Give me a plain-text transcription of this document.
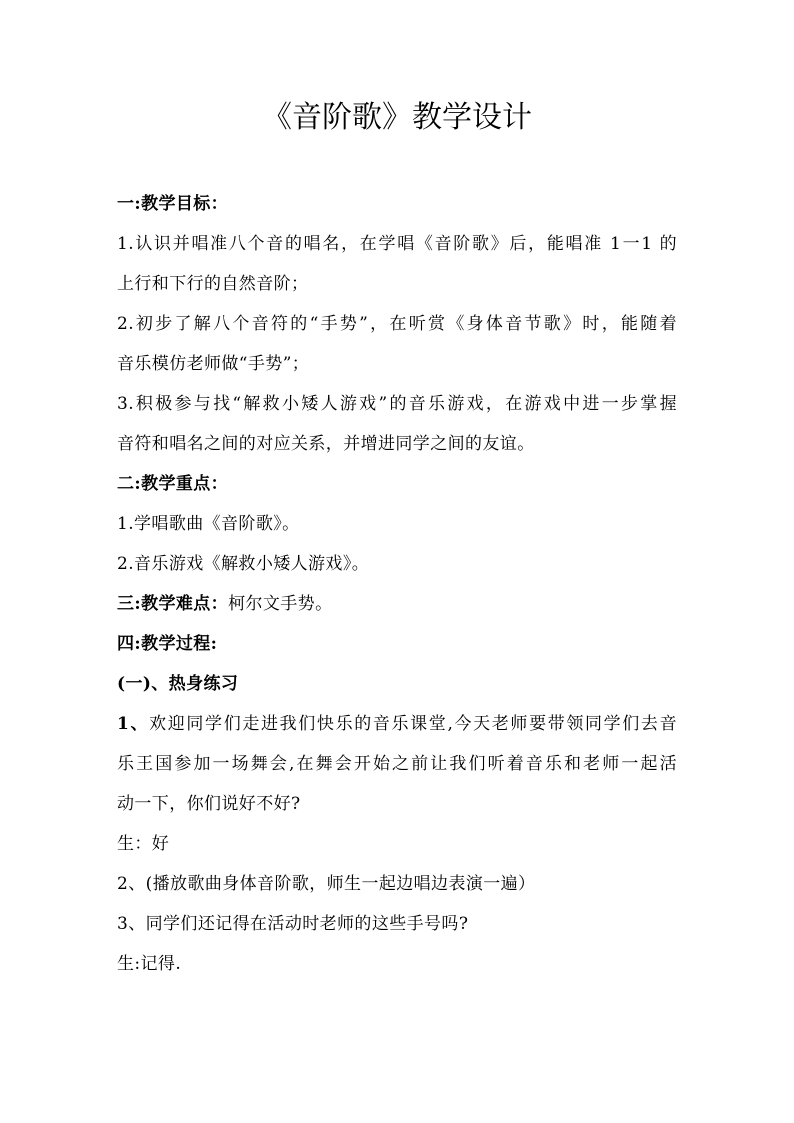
《音阶歌》教学设计

一:教学目标：

1.认识并唱准八个音的唱名，在学唱《音阶歌》后，能唱准 1一1 的

上行和下行的自然音阶；

2.初步了解八个音符的“手势”，在听赏《身体音节歌》时，能随着

音乐模仿老师做“手势”；

3.积极参与找“解救小矮人游戏”的音乐游戏，在游戏中进一步掌握

音符和唱名之间的对应关系，并增进同学之间的友谊。

二:教学重点：

1.学唱歌曲《音阶歌》。

2.音乐游戏《解救小矮人游戏》。

三:教学难点：柯尔文手势。

四:教学过程:

(一)、热身练习

1、欢迎同学们走进我们快乐的音乐课堂,今天老师要带领同学们去音

乐王国参加一场舞会,在舞会开始之前让我们听着音乐和老师一起活

动一下，你们说好不好?

生：好

2、(播放歌曲身体音阶歌，师生一起边唱边表演一遍）

3、同学们还记得在活动时老师的这些手号吗?

生:记得.
